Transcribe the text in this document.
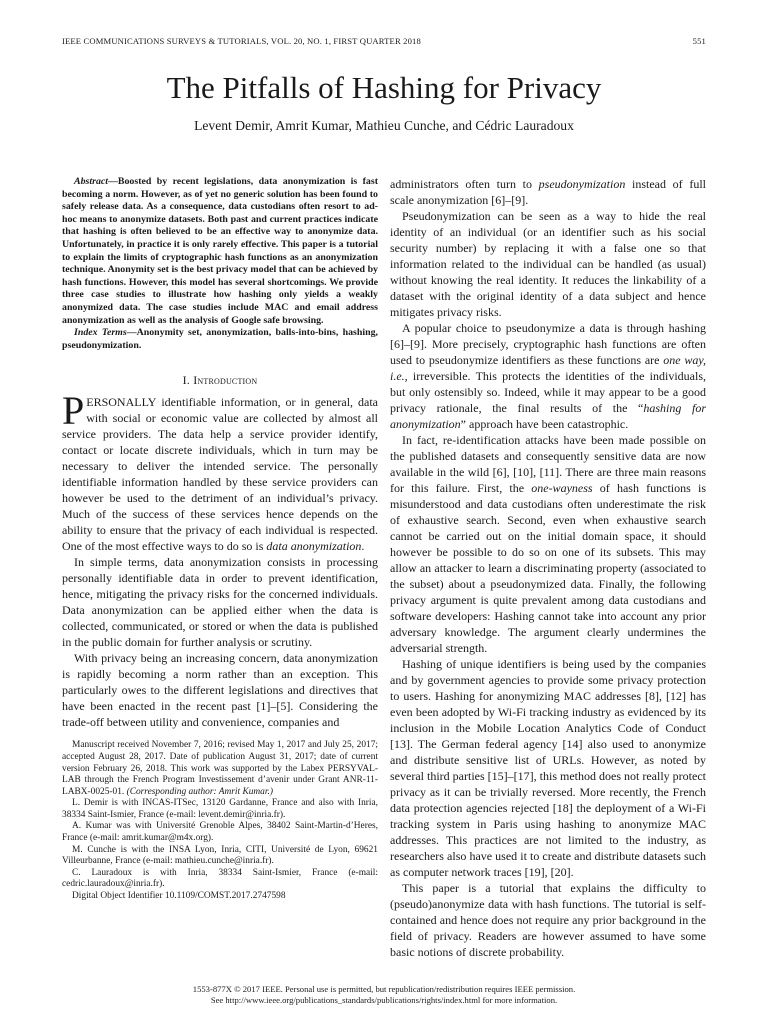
IEEE COMMUNICATIONS SURVEYS & TUTORIALS, VOL. 20, NO. 1, FIRST QUARTER 2018	551
The Pitfalls of Hashing for Privacy
Levent Demir, Amrit Kumar, Mathieu Cunche, and Cédric Lauradoux

Abstract—Boosted by recent legislations, data anonymization is fast becoming a norm. However, as of yet no generic solution has been found to safely release data. As a consequence, data custodians often resort to ad-hoc means to anonymize datasets. Both past and current practices indicate that hashing is often believed to be an effective way to anonymize data. Unfortunately, in practice it is only rarely effective. This paper is a tutorial to explain the limits of cryptographic hash functions as an anonymization technique. Anonymity set is the best privacy model that can be achieved by hash functions. However, this model has several shortcomings. We provide three case studies to illustrate how hashing only yields a weakly anonymized data. The case studies include MAC and email address anonymization as well as the analysis of Google safe browsing.

Index Terms—Anonymity set, anonymization, balls-into-bins, hashing, pseudonymization.

I. Introduction

PERSONALLY identifiable information, or in general, data with social or economic value are collected by almost all service providers. The data help a service provider identify, contact or locate discrete individuals, which in turn may be necessary to deliver the intended service. The personally identifiable information handled by these service providers can however be used to the detriment of an individual’s privacy. Much of the success of these services hence depends on the ability to ensure that the privacy of each individual is respected. One of the most effective ways to do so is data anonymization.

In simple terms, data anonymization consists in processing personally identifiable data in order to prevent identification, hence, mitigating the privacy risks for the concerned individuals. Data anonymization can be applied either when the data is collected, communicated, or stored or when the data is published in the public domain for further analysis or scrutiny.

With privacy being an increasing concern, data anonymization is rapidly becoming a norm rather than an exception. This particularly owes to the different legislations and directives that have been enacted in the recent past [1]–[5]. Considering the trade-off between utility and convenience, companies and

Manuscript received November 7, 2016; revised May 1, 2017 and July 25, 2017; accepted August 28, 2017. Date of publication August 31, 2017; date of current version February 26, 2018. This work was supported by the Labex PERSYVAL-LAB through the French Program Investissement d’avenir under Grant ANR-11-LABX-0025-01. (Corresponding author: Amrit Kumar.)

L. Demir is with INCAS-ITSec, 13120 Gardanne, France and also with Inria, 38334 Saint-Ismier, France (e-mail: levent.demir@inria.fr).

A. Kumar was with Université Grenoble Alpes, 38402 Saint-Martin-d’Heres, France (e-mail: amrit.kumar@m4x.org).

M. Cunche is with the INSA Lyon, Inria, CITI, Université de Lyon, 69621 Villeurbanne, France (e-mail: mathieu.cunche@inria.fr).

C. Lauradoux is with Inria, 38334 Saint-Ismier, France (e-mail: cedric.lauradoux@inria.fr).

Digital Object Identifier 10.1109/COMST.2017.2747598

administrators often turn to pseudonymization instead of full scale anonymization [6]–[9].

Pseudonymization can be seen as a way to hide the real identity of an individual (or an identifier such as his social security number) by replacing it with a false one so that information related to the individual can be handled (as usual) without knowing the real identity. It reduces the linkability of a dataset with the original identity of a data subject and hence mitigates privacy risks.

A popular choice to pseudonymize a data is through hashing [6]–[9]. More precisely, cryptographic hash functions are often used to pseudonymize identifiers as these functions are one way, i.e., irreversible. This protects the identities of the individuals, but only ostensibly so. Indeed, while it may appear to be a good privacy rationale, the final results of the “hashing for anonymization” approach have been catastrophic.

In fact, re-identification attacks have been made possible on the published datasets and consequently sensitive data are now available in the wild [6], [10], [11]. There are three main reasons for this failure. First, the one-wayness of hash functions is misunderstood and data custodians often underestimate the risk of exhaustive search. Second, even when exhaustive search cannot be carried out on the initial domain space, it should however be possible to do so on one of its subsets. This may allow an attacker to learn a discriminating property (associated to the subset) about a pseudonymized data. Finally, the following privacy argument is quite prevalent among data custodians and software developers: Hashing cannot take into account any prior adversary knowledge. The argument clearly undermines the adversarial strength.

Hashing of unique identifiers is being used by the companies and by government agencies to provide some privacy protection to users. Hashing for anonymizing MAC addresses [8], [12] has even been adopted by Wi-Fi tracking industry as evidenced by its inclusion in the Mobile Location Analytics Code of Conduct [13]. The German federal agency [14] also used to anonymize and distribute sensitive list of URLs. However, as noted by several third parties [15]–[17], this method does not really protect privacy as it can be trivially reversed. More recently, the French data protection agencies rejected [18] the deployment of a Wi-Fi tracking system in Paris using hashing to anonymize MAC addresses. This practices are not limited to the industry, as researchers also have used it to create and distribute datasets such as computer network traces [19], [20].

This paper is a tutorial that explains the difficulty to (pseudo)anonymize data with hash functions. The tutorial is self-contained and hence does not require any prior background in the field of privacy. Readers are however assumed to have some basic notions of discrete probability.

1553-877X © 2017 IEEE. Personal use is permitted, but republication/redistribution requires IEEE permission.
See http://www.ieee.org/publications_standards/publications/rights/index.html for more information.
